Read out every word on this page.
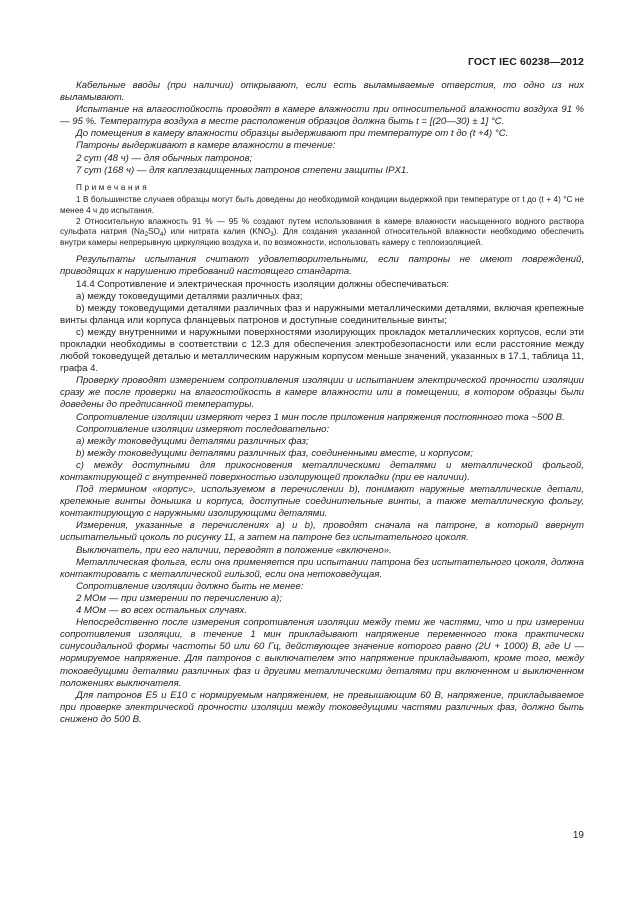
ГОСТ IEC 60238—2012

Кабельные вводы (при наличии) открывают, если есть выламываемые отверстия, то одно из них выламывают.

Испытание на влагостойкость проводят в камере влажности при относительной влажности воздуха 91 % — 95 %. Температура воздуха в месте расположения образцов должна быть t = [(20—30) ± 1] °С.

До помещения в камеру влажности образцы выдерживают при температуре от t до (t +4) °С.

Патроны выдерживают в камере влажности в течение:

2 сут (48 ч) — для обычных патронов;

7 сут (168 ч) — для каплезащищенных патронов степени защиты IPX1.

Примечания

1 В большинстве случаев образцы могут быть доведены до необходимой кондиции выдержкой при температуре от t до (t + 4) °С не менее 4 ч до испытания.

2 Относительную влажность 91 % — 95 % создают путем использования в камере влажности насыщенного водного раствора сульфата натрия $(Na_2SO_4)$ или нитрата калия $(KNO_3)$. Для создания указанной относительной влажности необходимо обеспечить внутри камеры непрерывную циркуляцию воздуха и, по возможности, использовать камеру с теплоизоляцией.

Результаты испытания считают удовлетворительными, если патроны не имеют повреждений, приводящих к нарушению требований настоящего стандарта.

14.4 Сопротивление и электрическая прочность изоляции должны обеспечиваться:

a) между токоведущими деталями различных фаз;

b) между токоведущими деталями различных фаз и наружными металлическими деталями, включая крепежные винты фланца или корпуса фланцевых патронов и доступные соединительные винты;

c) между внутренними и наружными поверхностями изолирующих прокладок металлических корпусов, если эти прокладки необходимы в соответствии с 12.3 для обеспечения электробезопасности или если расстояние между любой токоведущей деталью и металлическим наружным корпусом меньше значений, указанных в 17.1, таблица 11, графа 4.

Проверку проводят измерением сопротивления изоляции и испытанием электрической прочности изоляции сразу же после проверки на влагостойкость в камере влажности или в помещении, в котором образцы были доведены до предписанной температуры.

Сопротивление изоляции измеряют через 1 мин после приложения напряжения постоянного тока ~500 В.

Сопротивление изоляции измеряют последовательно:

a) между токоведущими деталями различных фаз;

b) между токоведущими деталями различных фаз, соединенными вместе, и корпусом;

c) между доступными для прикосновения металлическими деталями и металлической фольгой, контактирующей с внутренней поверхностью изолирующей прокладки (при ее наличии).

Под термином «корпус», используемом в перечислении b), понимают наружные металлические детали, крепежные винты донышка и корпуса, доступные соединительные винты, а также металлическую фольгу, контактирующую с наружными изолирующими деталями.

Измерения, указанные в перечислениях a) и b), проводят сначала на патроне, в который ввернут испытательный цоколь по рисунку 11, а затем на патроне без испытательного цоколя.

Выключатель, при его наличии, переводят в положение «включено».

Металлическая фольга, если она применяется при испытании патрона без испытательного цоколя, должна контактировать с металлической гильзой, если она нетоковедущая.

Сопротивление изоляции должно быть не менее:

2 МОм — при измерении по перечислению a);

4 МОм — во всех остальных случаях.

Непосредственно после измерения сопротивления изоляции между теми же частями, что и при измерении сопротивления изоляции, в течение 1 мин прикладывают напряжение переменного тока практически синусоидальной формы частоты 50 или 60 Гц, действующее значение которого равно (2U + 1000) В, где U — нормируемое напряжение. Для патронов с выключателем это напряжение прикладывают, кроме того, между токоведущими деталями различных фаз и другими металлическими деталями при включенном и выключенном положениях выключателя.

Для патронов E5 и E10 с нормируемым напряжением, не превышающим 60 В, напряжение, прикладываемое при проверке электрической прочности изоляции между токоведущими частями различных фаз, должно быть снижено до 500 В.

19
